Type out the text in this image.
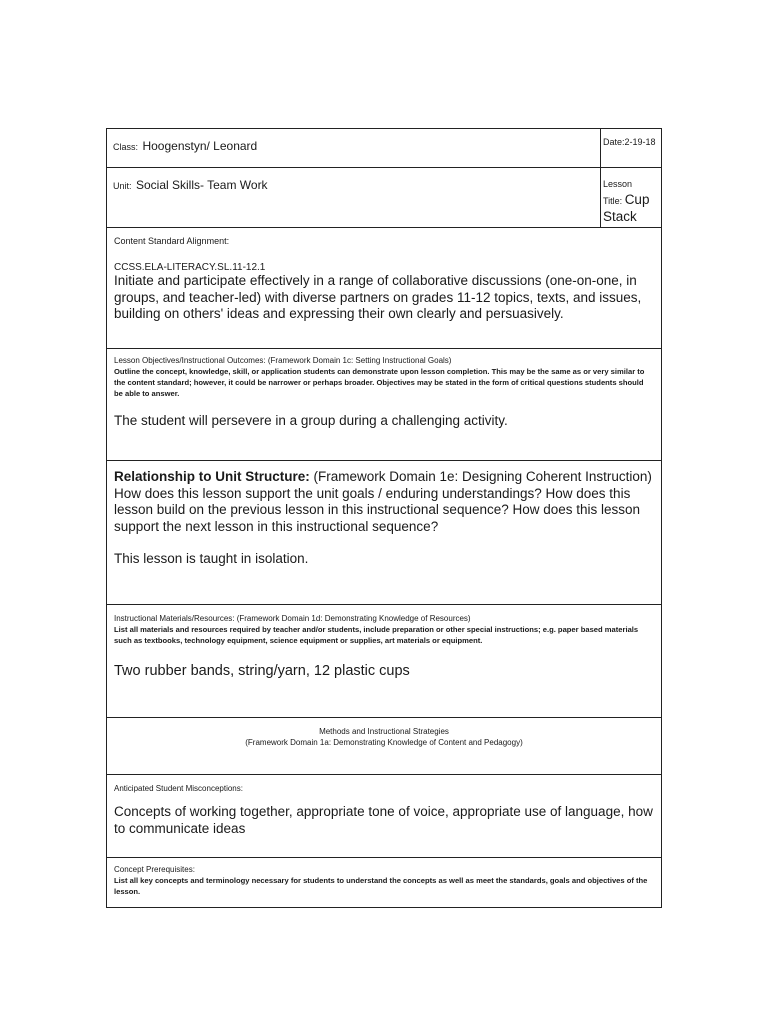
Class: Hoogenstyn/ Leonard	Date:2-19-18
Unit: Social Skills- Team Work	Lesson
Title: Cup
Stack
Content Standard Alignment:
CCSS.ELA-LITERACY.SL.11-12.1
Initiate and participate effectively in a range of collaborative discussions (one-on-one, in groups, and teacher-led) with diverse partners on grades 11-12 topics, texts, and issues, building on others' ideas and expressing their own clearly and persuasively.
Lesson Objectives/Instructional Outcomes: (Framework Domain 1c: Setting Instructional Goals)
Outline the concept, knowledge, skill, or application students can demonstrate upon lesson completion. This may be the same as or very similar to the content standard; however, it could be narrower or perhaps broader. Objectives may be stated in the form of critical questions students should be able to answer.
The student will persevere in a group during a challenging activity.
Relationship to Unit Structure: (Framework Domain 1e: Designing Coherent Instruction)
How does this lesson support the unit goals / enduring understandings? How does this lesson build on the previous lesson in this instructional sequence? How does this lesson support the next lesson in this instructional sequence?
This lesson is taught in isolation.
Instructional Materials/Resources: (Framework Domain 1d: Demonstrating Knowledge of Resources)
List all materials and resources required by teacher and/or students, include preparation or other special instructions; e.g. paper based materials such as textbooks, technology equipment, science equipment or supplies, art materials or equipment.
Two rubber bands, string/yarn, 12 plastic cups
Methods and Instructional Strategies
(Framework Domain 1a: Demonstrating Knowledge of Content and Pedagogy)
Anticipated Student Misconceptions:
Concepts of working together, appropriate tone of voice, appropriate use of language, how to communicate ideas
Concept Prerequisites:
List all key concepts and terminology necessary for students to understand the concepts as well as meet the standards, goals and objectives of the lesson.
